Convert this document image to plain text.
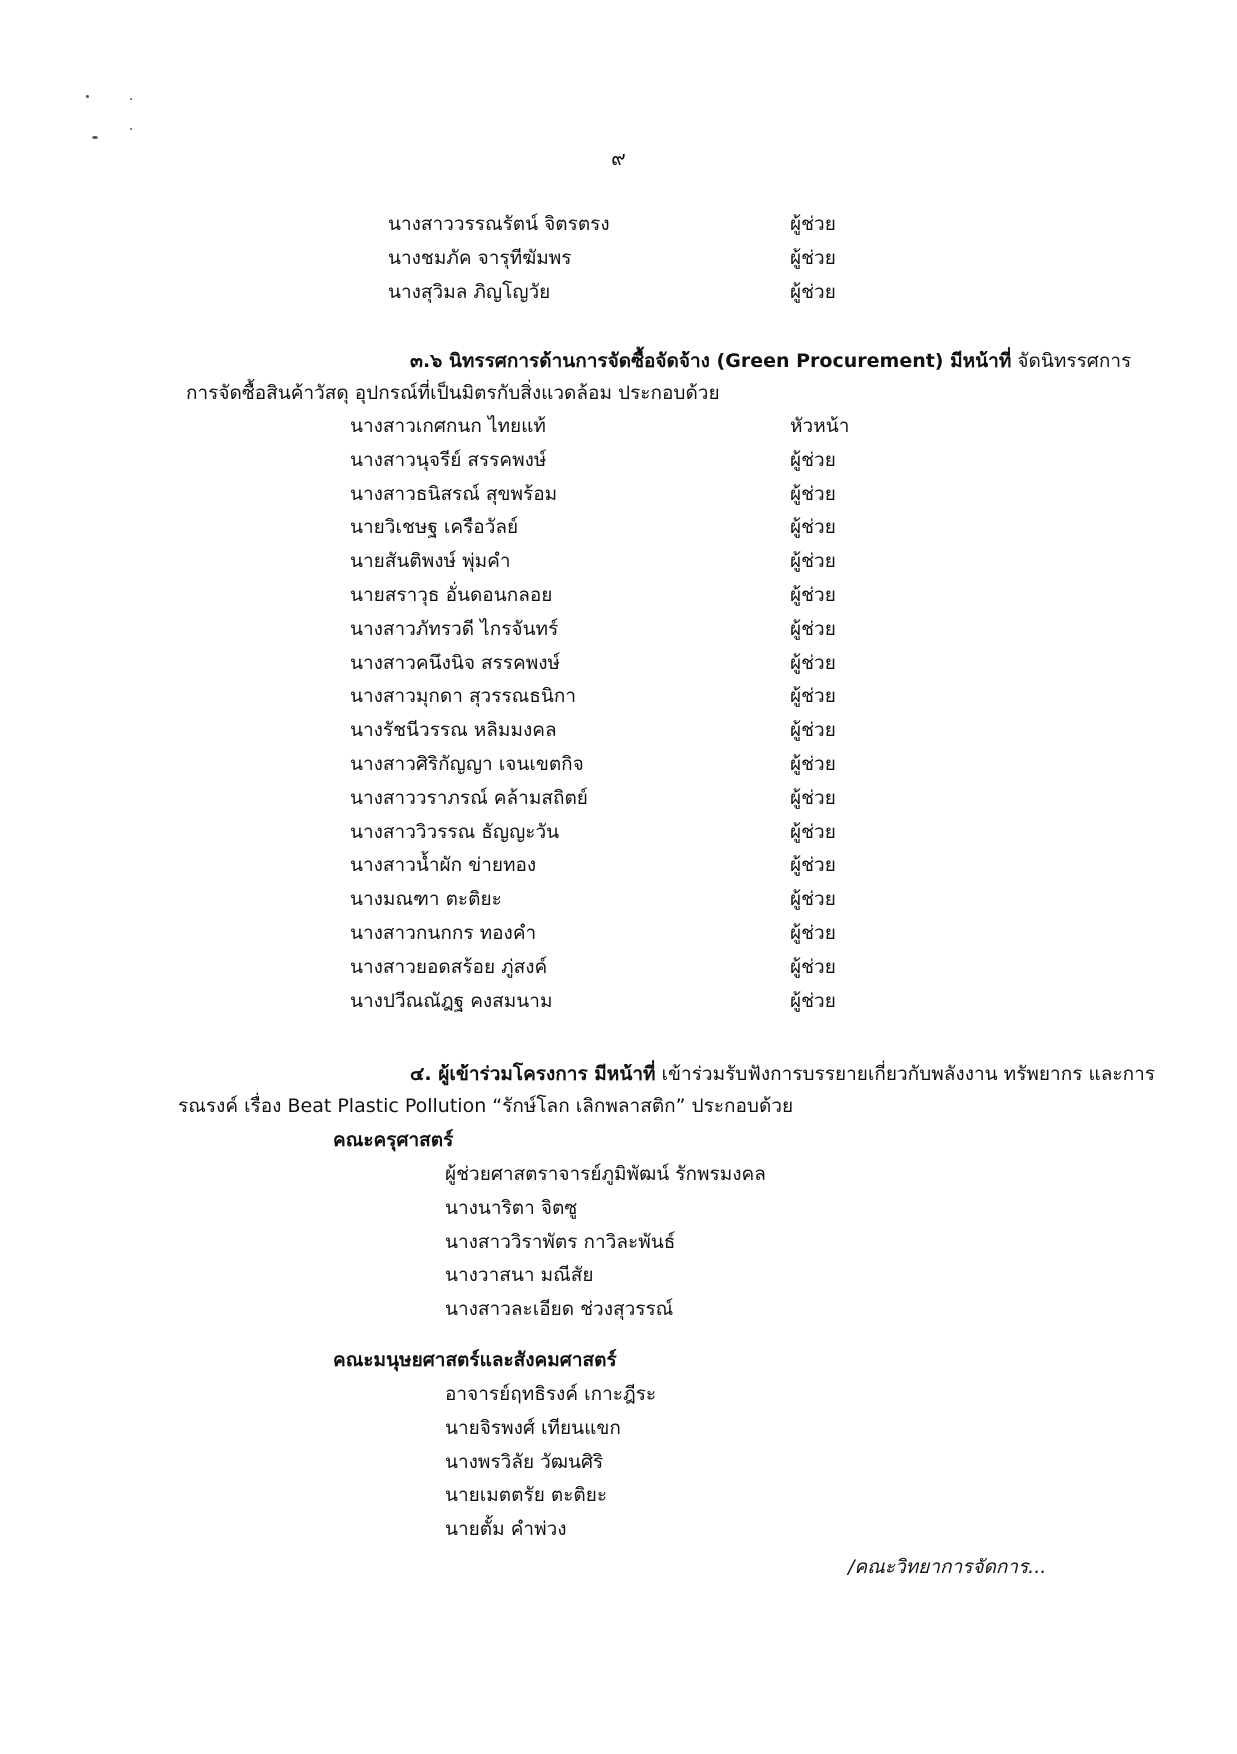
๙
นางสาววรรณรัตน์ จิตรตรง	ผู้ช่วย
นางชมภัค จารุทีฆัมพร	ผู้ช่วย
นางสุวิมล ภิญโญวัย	ผู้ช่วย
๓.๖ นิทรรศการด้านการจัดซื้อจัดจ้าง (Green Procurement) มีหน้าที่ จัดนิทรรศการ
การจัดซื้อสินค้าวัสดุ อุปกรณ์ที่เป็นมิตรกับสิ่งแวดล้อม ประกอบด้วย
นางสาวเกศกนก ไทยแท้	หัวหน้า
นางสาวนุจรีย์ สรรคพงษ์	ผู้ช่วย
นางสาวธนิสรณ์ สุขพร้อม	ผู้ช่วย
นายวิเชษฐ เครือวัลย์	ผู้ช่วย
นายสันติพงษ์ พุ่มคำ	ผู้ช่วย
นายสราวุธ อั่นดอนกลอย	ผู้ช่วย
นางสาวภัทรวดี ไกรจันทร์	ผู้ช่วย
นางสาวคนึงนิจ สรรคพงษ์	ผู้ช่วย
นางสาวมุกดา สุวรรณธนิกา	ผู้ช่วย
นางรัชนีวรรณ หลิมมงคล	ผู้ช่วย
นางสาวศิริกัญญา เจนเขตกิจ	ผู้ช่วย
นางสาววราภรณ์ คล้ามสถิตย์	ผู้ช่วย
นางสาววิวรรณ ธัญญะวัน	ผู้ช่วย
นางสาวน้ำผัก ข่ายทอง	ผู้ช่วย
นางมณฑา ตะติยะ	ผู้ช่วย
นางสาวกนกกร ทองคำ	ผู้ช่วย
นางสาวยอดสร้อย ภู่สงค์	ผู้ช่วย
นางปวีณณัฎฐ คงสมนาม	ผู้ช่วย
๔. ผู้เข้าร่วมโครงการ มีหน้าที่ เข้าร่วมรับฟังการบรรยายเกี่ยวกับพลังงาน ทรัพยากร และการ
รณรงค์ เรื่อง Beat Plastic Pollution “รักษ์โลก เลิกพลาสติก” ประกอบด้วย
คณะครุศาสตร์
ผู้ช่วยศาสตราจารย์ภูมิพัฒน์ รักพรมงคล
นางนาริตา จิตซู
นางสาววิราพัตร กาวิละพันธ์
นางวาสนา มณีสัย
นางสาวละเอียด ช่วงสุวรรณ์
คณะมนุษยศาสตร์และสังคมศาสตร์
อาจารย์ฤทธิรงค์ เกาะฎีระ
นายจิรพงศ์ เทียนแขก
นางพรวิลัย วัฒนศิริ
นายเมตตรัย ตะติยะ
นายตั้ม คำพ่วง
/คณะวิทยาการจัดการ...
